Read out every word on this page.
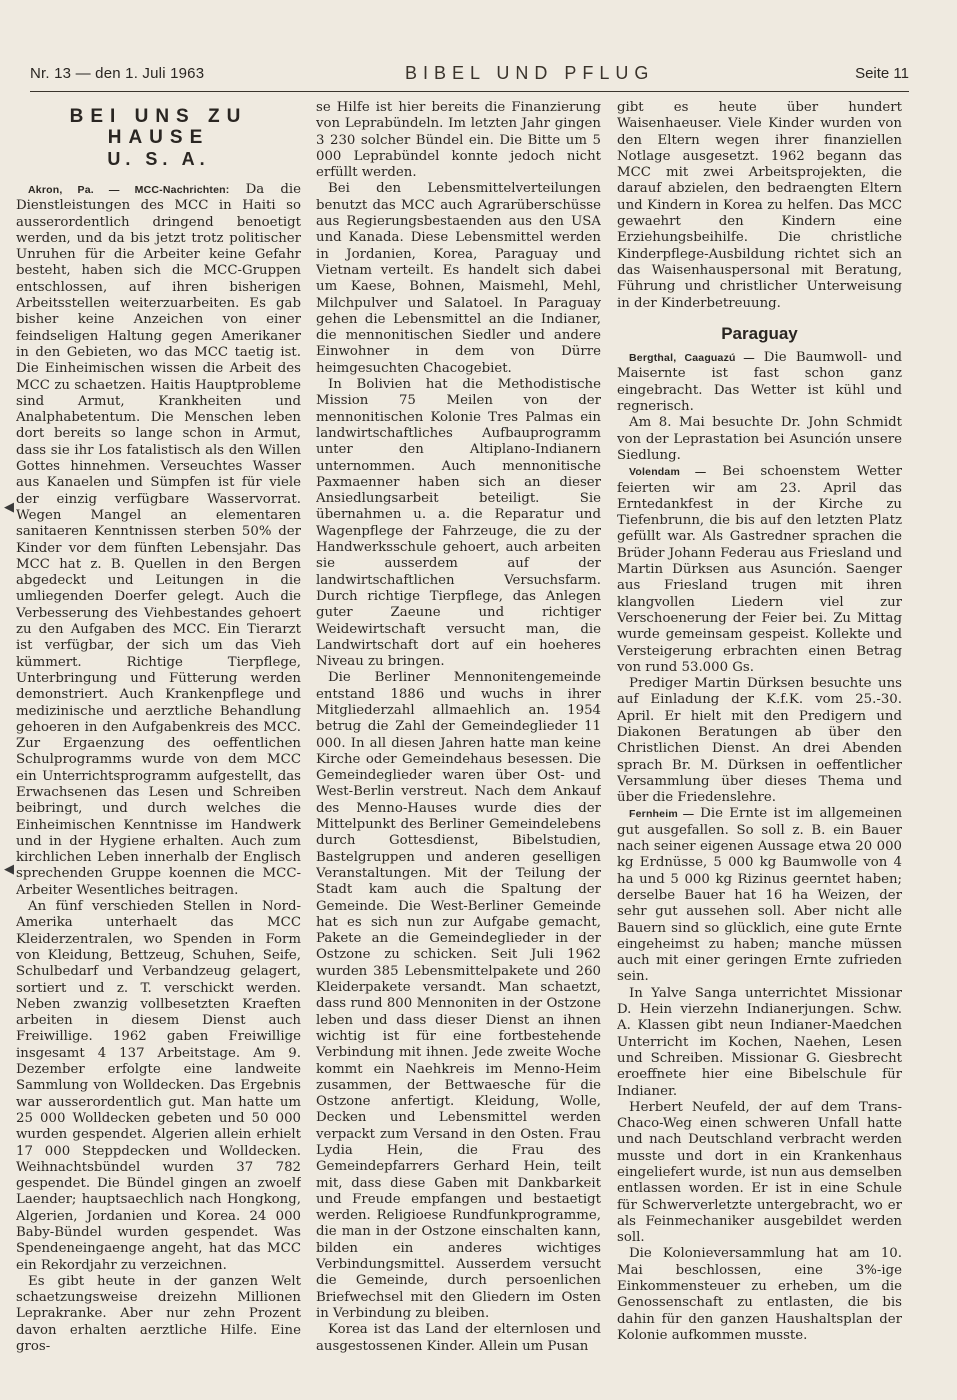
Nr. 13 — den 1. Juli 1963	BIBEL UND PFLUG	Seite 11
◀
◀
BEI UNS ZU HAUSE
U. S. A.

Akron, Pa. — MCC-Nachrichten: Da die Dienstleistungen des MCC in Haiti so ausserordentlich dringend benoetigt werden, und da bis jetzt trotz politischer Unruhen für die Arbeiter keine Gefahr besteht, haben sich die MCC-Gruppen entschlossen, auf ihren bisherigen Arbeitsstellen weiterzuarbeiten. Es gab bisher keine Anzeichen von einer feindseligen Haltung gegen Amerikaner in den Gebieten, wo das MCC taetig ist. Die Einheimischen wissen die Arbeit des MCC zu schaetzen. Haitis Hauptprobleme sind Armut, Krankheiten und Analphabetentum. Die Menschen leben dort bereits so lange schon in Armut, dass sie ihr Los fatalistisch als den Willen Gottes hinnehmen. Verseuchtes Wasser aus Kanaelen und Sümpfen ist für viele der einzig verfügbare Wasservorrat. Wegen Mangel an elementaren sanitaeren Kenntnissen sterben 50% der Kinder vor dem fünften Lebensjahr. Das MCC hat z. B. Quellen in den Bergen abgedeckt und Leitungen in die umliegenden Doerfer gelegt. Auch die Verbesserung des Viehbestandes gehoert zu den Aufgaben des MCC. Ein Tierarzt ist verfügbar, der sich um das Vieh kümmert. Richtige Tierpflege, Unterbringung und Fütterung werden demonstriert. Auch Krankenpflege und medizinische und aerztliche Behandlung gehoeren in den Aufgabenkreis des MCC. Zur Ergaenzung des oeffentlichen Schulprogramms wurde von dem MCC ein Unterrichtsprogramm aufgestellt, das Erwachsenen das Lesen und Schreiben beibringt, und durch welches die Einheimischen Kenntnisse im Handwerk und in der Hygiene erhalten. Auch zum kirchlichen Leben innerhalb der Englisch sprechenden Gruppe koennen die MCC-Arbeiter Wesentliches beitragen.

An fünf verschieden Stellen in Nord-Amerika unterhaelt das MCC Kleiderzentralen, wo Spenden in Form von Kleidung, Bettzeug, Schuhen, Seife, Schulbedarf und Verbandzeug gelagert, sortiert und z. T. verschickt werden. Neben zwanzig vollbesetzten Kraeften arbeiten in diesem Dienst auch Freiwillige. 1962 gaben Freiwillige insgesamt 4 137 Arbeitstage. Am 9. Dezember erfolgte eine landweite Sammlung von Wolldecken. Das Ergebnis war ausserordentlich gut. Man hatte um 25 000 Wolldecken gebeten und 50 000 wurden gespendet. Algerien allein erhielt 17 000 Steppdecken und Wolldecken. Weihnachtsbündel wurden 37 782 gespendet. Die Bündel gingen an zwoelf Laender; hauptsaechlich nach Hongkong, Algerien, Jordanien und Korea. 24 000 Baby-Bündel wurden gespendet. Was Spendeneingaenge angeht, hat das MCC ein Rekordjahr zu verzeichnen.

Es gibt heute in der ganzen Welt schaetzungsweise dreizehn Millionen Leprakranke. Aber nur zehn Prozent davon erhalten aerztliche Hilfe. Eine gros-

se Hilfe ist hier bereits die Finanzierung von Leprabündeln. Im letzten Jahr gingen 3 230 solcher Bündel ein. Die Bitte um 5 000 Leprabündel konnte jedoch nicht erfüllt werden.

Bei den Lebensmittelverteilungen benutzt das MCC auch Agrarüberschüsse aus Regierungsbestaenden aus den USA und Kanada. Diese Lebensmittel werden in Jordanien, Korea, Paraguay und Vietnam verteilt. Es handelt sich dabei um Kaese, Bohnen, Maismehl, Mehl, Milchpulver und Salatoel. In Paraguay gehen die Lebensmittel an die Indianer, die mennonitischen Siedler und andere Einwohner in dem von Dürre heimgesuchten Chacogebiet.

In Bolivien hat die Methodistische Mission 75 Meilen von der mennonitischen Kolonie Tres Palmas ein landwirtschaftliches Aufbauprogramm unter den Altiplano-Indianern unternommen. Auch mennonitische Paxmaenner haben sich an dieser Ansiedlungsarbeit beteiligt. Sie übernahmen u. a. die Reparatur und Wagenpflege der Fahrzeuge, die zu der Handwerksschule gehoert, auch arbeiten sie ausserdem auf der landwirtschaftlichen Versuchsfarm. Durch richtige Tierpflege, das Anlegen guter Zaeune und richtiger Weidewirtschaft versucht man, die Landwirtschaft dort auf ein hoeheres Niveau zu bringen.

Die Berliner Mennonitengemeinde entstand 1886 und wuchs in ihrer Mitgliederzahl allmaehlich an. 1954 betrug die Zahl der Gemeindeglieder 11 000. In all diesen Jahren hatte man keine Kirche oder Gemeindehaus besessen. Die Gemeindeglieder waren über Ost- und West-Berlin verstreut. Nach dem Ankauf des Menno-Hauses wurde dies der Mittelpunkt des Berliner Gemeindelebens durch Gottesdienst, Bibelstudien, Bastelgruppen und anderen geselligen Veranstaltungen. Mit der Teilung der Stadt kam auch die Spaltung der Gemeinde. Die West-Berliner Gemeinde hat es sich nun zur Aufgabe gemacht, Pakete an die Gemeindeglieder in der Ostzone zu schicken. Seit Juli 1962 wurden 385 Lebensmittelpakete und 260 Kleiderpakete versandt. Man schaetzt, dass rund 800 Mennoniten in der Ostzone leben und dass dieser Dienst an ihnen wichtig ist für eine fortbestehende Verbindung mit ihnen. Jede zweite Woche kommt ein Naehkreis im Menno-Heim zusammen, der Bettwaesche für die Ostzone anfertigt. Kleidung, Wolle, Decken und Lebensmittel werden verpackt zum Versand in den Osten. Frau Lydia Hein, die Frau des Gemeindepfarrers Gerhard Hein, teilt mit, dass diese Gaben mit Dankbarkeit und Freude empfangen und bestaetigt werden. Religioese Rundfunkprogramme, die man in der Ostzone einschalten kann, bilden ein anderes wichtiges Verbindungsmittel. Ausserdem versucht die Gemeinde, durch persoenlichen Briefwechsel mit den Gliedern im Osten in Verbindung zu bleiben.

Korea ist das Land der elternlosen und ausgestossenen Kinder. Allein um Pusan

gibt es heute über hundert Waisenhaeuser. Viele Kinder wurden von den Eltern wegen ihrer finanziellen Notlage ausgesetzt. 1962 begann das MCC mit zwei Arbeitsprojekten, die darauf abzielen, den bedraengten Eltern und Kindern in Korea zu helfen. Das MCC gewaehrt den Kindern eine Erziehungsbeihilfe. Die christliche Kinderpflege-Ausbildung richtet sich an das Waisenhauspersonal mit Beratung, Führung und christlicher Unterweisung in der Kinderbetreuung.

Paraguay

Bergthal, Caaguazú — Die Baumwoll- und Maisernte ist fast schon ganz eingebracht. Das Wetter ist kühl und regnerisch.

Am 8. Mai besuchte Dr. John Schmidt von der Leprastation bei Asunción unsere Siedlung.

Volendam — Bei schoenstem Wetter feierten wir am 23. April das Erntedankfest in der Kirche zu Tiefenbrunn, die bis auf den letzten Platz gefüllt war. Als Gastredner sprachen die Brüder Johann Federau aus Friesland und Martin Dürksen aus Asunción. Saenger aus Friesland trugen mit ihren klangvollen Liedern viel zur Verschoenerung der Feier bei. Zu Mittag wurde gemeinsam gespeist. Kollekte und Versteigerung erbrachten einen Betrag von rund 53.000 Gs.

Prediger Martin Dürksen besuchte uns auf Einladung der K.f.K. vom 25.-30. April. Er hielt mit den Predigern und Diakonen Beratungen ab über den Christlichen Dienst. An drei Abenden sprach Br. M. Dürksen in oeffentlicher Versammlung über dieses Thema und über die Friedenslehre.

Fernheim — Die Ernte ist im allgemeinen gut ausgefallen. So soll z. B. ein Bauer nach seiner eigenen Aussage etwa 20 000 kg Erdnüsse, 5 000 kg Baumwolle von 4 ha und 5 000 kg Rizinus geerntet haben; derselbe Bauer hat 16 ha Weizen, der sehr gut aussehen soll. Aber nicht alle Bauern sind so glücklich, eine gute Ernte eingeheimst zu haben; manche müssen auch mit einer geringen Ernte zufrieden sein.

In Yalve Sanga unterrichtet Missionar D. Hein vierzehn Indianerjungen. Schw. A. Klassen gibt neun Indianer-Maedchen Unterricht im Kochen, Naehen, Lesen und Schreiben. Missionar G. Giesbrecht eroeffnete hier eine Bibelschule für Indianer.

Herbert Neufeld, der auf dem Trans-Chaco-Weg einen schweren Unfall hatte und nach Deutschland verbracht werden musste und dort in ein Krankenhaus eingeliefert wurde, ist nun aus demselben entlassen worden. Er ist in eine Schule für Schwerverletzte untergebracht, wo er als Feinmechaniker ausgebildet werden soll.

Die Kolonieversammlung hat am 10. Mai beschlossen, eine 3%-ige Einkommensteuer zu erheben, um die Genossenschaft zu entlasten, die bis dahin für den ganzen Haushaltsplan der Kolonie aufkommen musste.
